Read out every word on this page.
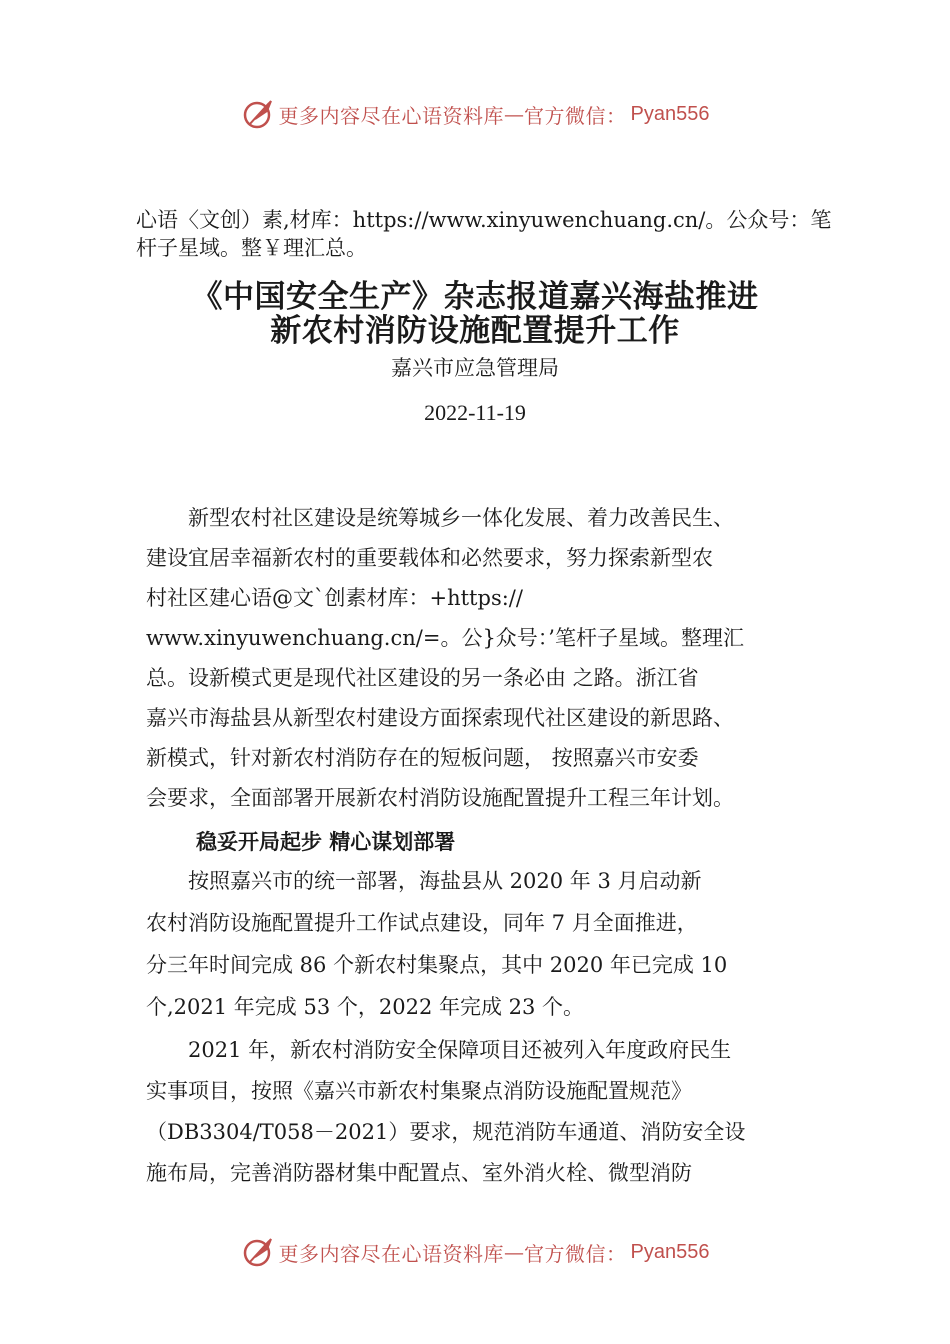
更多内容尽在心语资料库 — 官方微信： Pyan556
心语〈文创）素,材库：https://www.xinyuwenchuang.cn/。公众号：笔杆子星域。整￥理汇总。
《中国安全生产》杂志报道嘉兴海盐推进
新农村消防设施配置提升工作
嘉兴市应急管理局
2022-11-19
　　新型农村社区建设是统筹城乡一体化发展、着力改善民生、
建设宜居幸福新农村的重要载体和必然要求，努力探索新型农
村社区建心语@文`创素材库：+https://
www.xinyuwenchuang.cn/=。公}众号：’笔杆子星域。整理汇
总。设新模式更是现代社区建设的另一条必由 之路。浙江省
嘉兴市海盐县从新型农村建设方面探索现代社区建设的新思路、
新模式，针对新农村消防存在的短板问题， 按照嘉兴市安委
会要求，全面部署开展新农村消防设施配置提升工程三年计划。
稳妥开局起步 精心谋划部署
　　按照嘉兴市的统一部署，海盐县从 2020 年 3 月启动新
农村消防设施配置提升工作试点建设，同年 7 月全面推进，
分三年时间完成 86 个新农村集聚点，其中 2020 年已完成 10
个,2021 年完成 53 个，2022 年完成 23 个。
　　2021 年，新农村消防安全保障项目还被列入年度政府民生
实事项目，按照《嘉兴市新农村集聚点消防设施配置规范》
（DB3304/T058－2021）要求，规范消防车通道、消防安全设
施布局，完善消防器材集中配置点、室外消火栓、微型消防
更多内容尽在心语资料库 — 官方微信： Pyan556
